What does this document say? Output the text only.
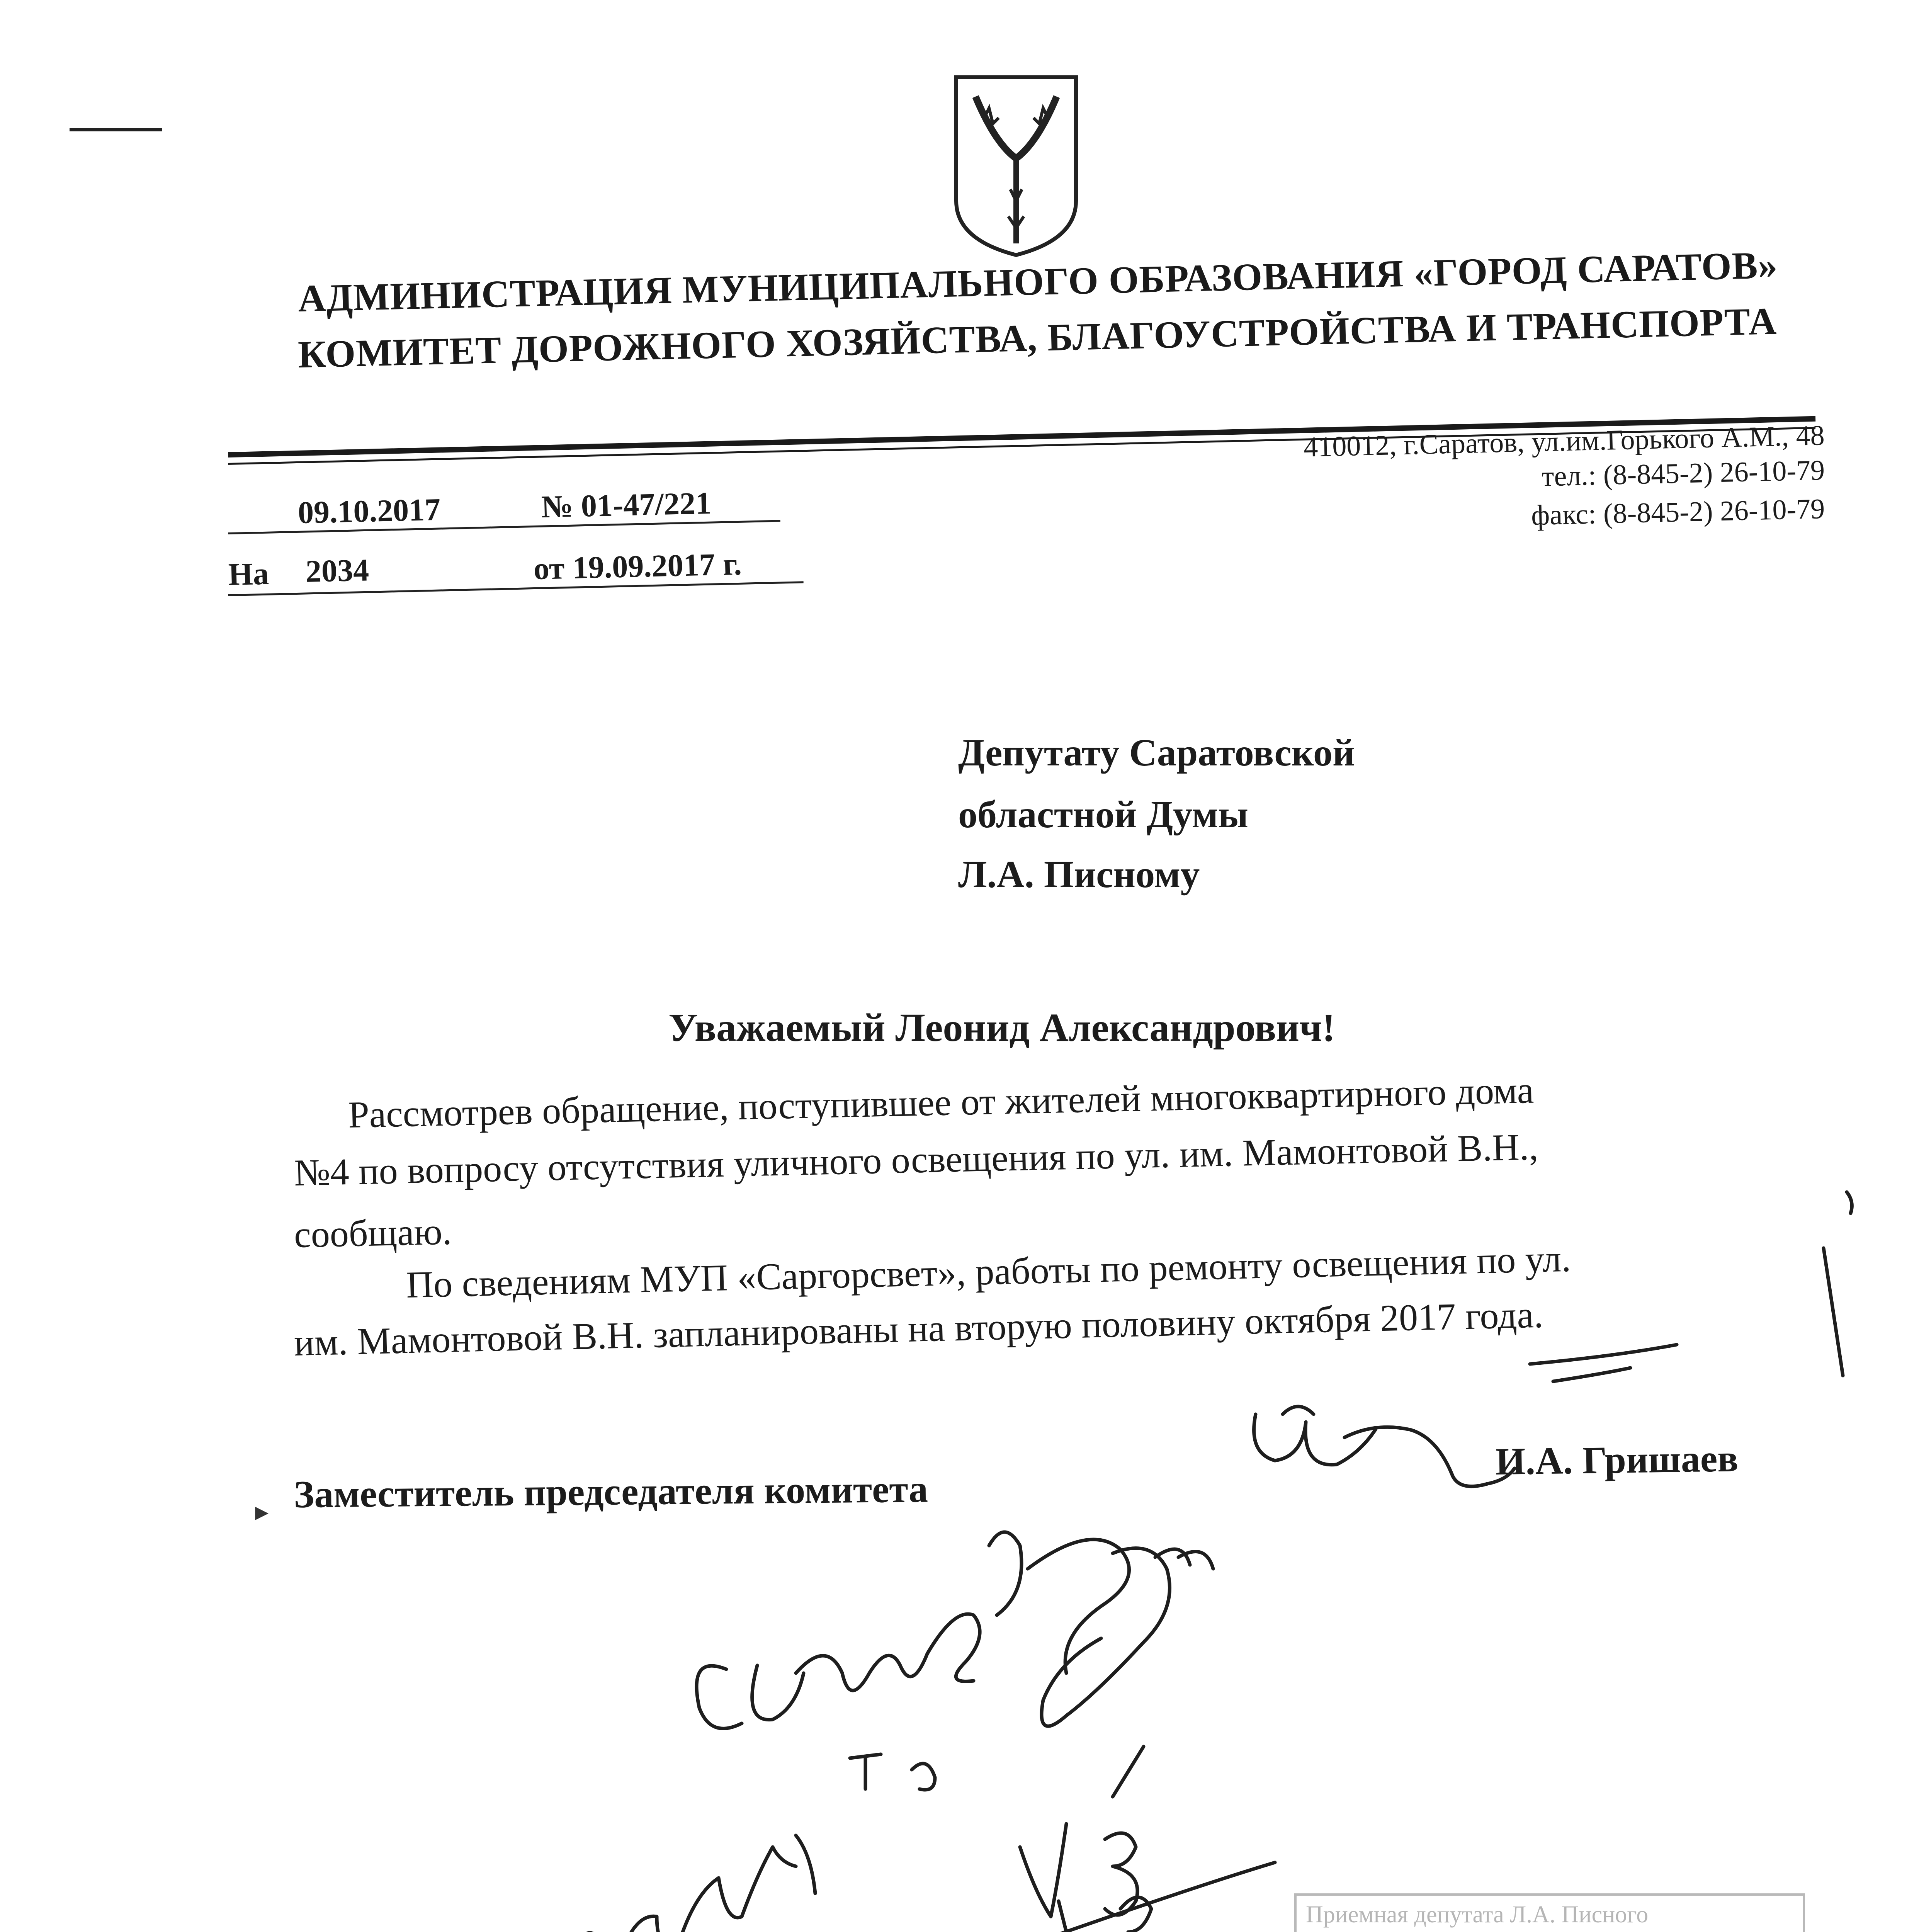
АДМИНИСТРАЦИЯ МУНИЦИПАЛЬНОГО ОБРАЗОВАНИЯ «ГОРОД САРАТОВ»
КОМИТЕТ ДОРОЖНОГО ХОЗЯЙСТВА, БЛАГОУСТРОЙСТВА И ТРАНСПОРТА
410012, г.Саратов, ул.им.Горького А.М., 48
тел.: (8-845-2) 26-10-79
факс: (8-845-2) 26-10-79
09.10.2017	№ 01-47/221
На 2034	от 19.09.2017 г.
Депутату Саратовской
областной Думы
Л.А. Писному
Уважаемый Леонид Александрович!
Рассмотрев обращение, поступившее от жителей многоквартирного дома
№4 по вопросу отсутствия уличного освещения по ул. им. Мамонтовой В.Н.,
сообщаю.
По сведениям МУП «Саргорсвет», работы по ремонту освещения по ул.
им. Мамонтовой В.Н. запланированы на вторую половину октября 2017 года.
▸ Заместитель председателя комитета
И.А. Гришаев
Приемная депутата Л.А. Писного
